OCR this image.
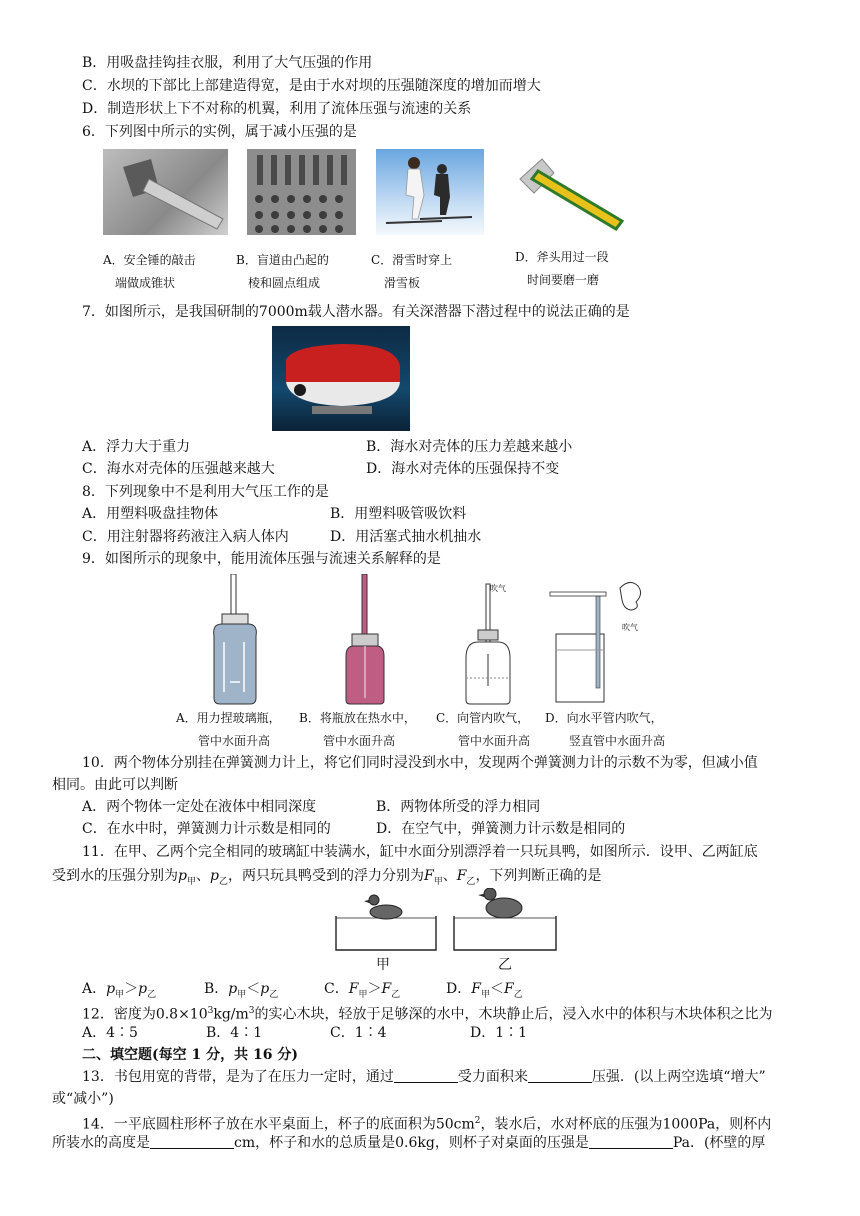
B．用吸盘挂钩挂衣服，利用了大气压强的作用
C．水坝的下部比上部建造得宽，是由于水对坝的压强随深度的增加而增大
D．制造形状上下不对称的机翼，利用了流体压强与流速的关系
6．下列图中所示的实例，属于减小压强的是
A．安全锤的敲击
端做成锥状
B．盲道由凸起的
棱和圆点组成
C．滑雪时穿上
滑雪板
D．斧头用过一段
时间要磨一磨
7．如图所示，是我国研制的7000m载人潜水器。有关深潜器下潜过程中的说法正确的是
A．浮力大于重力	B．海水对壳体的压力差越来越小
C．海水对壳体的压强越来越大	D．海水对壳体的压强保持不变
8．下列现象中不是利用大气压工作的是
A．用塑料吸盘挂物体	B．用塑料吸管吸饮料
C．用注射器将药液注入病人体内	D．用活塞式抽水机抽水
9．如图所示的现象中，能用流体压强与流速关系解释的是
吹气
吹气
A．用力捏玻璃瓶，
管中水面升高
B．将瓶放在热水中，
管中水面升高
C．向管内吹气，
管中水面升高
D．向水平管内吹气，
竖直管中水面升高
10．两个物体分别挂在弹簧测力计上，将它们同时浸没到水中，发现两个弹簧测力计的示数不为零，但减小值
相同。由此可以判断
A．两个物体一定处在液体中相同深度	B．两物体所受的浮力相同
C．在水中时，弹簧测力计示数是相同的	D．在空气中，弹簧测力计示数是相同的
11．在甲、乙两个完全相同的玻璃缸中装满水，缸中水面分别漂浮着一只玩具鸭，如图所示．设甲、乙两缸底
受到水的压强分别为$p_甲$、$p_乙$，两只玩具鸭受到的浮力分别为$F_甲$、$F_乙$，下列判断正确的是
甲	乙
A．$p_甲>p_乙$	B．$p_甲<p_乙$	C．$F_甲>F_乙$	D．$F_甲<F_乙$
12．密度为$0.8\times 10^3kg/m^3$的实心木块，轻放于足够深的水中，木块静止后，浸入水中的体积与木块体积之比为
A．4∶5	B．4∶1	C．1∶4	D．1∶1
二、填空题(每空 1 分，共 16 分)
13．书包用宽的背带，是为了在压力一定时，通过	受力面积来	压强．(以上两空选填“增大”
或“减小”)
14．一平底圆柱形杯子放在水平桌面上，杯子的底面积为$50cm^2$，装水后，水对杯底的压强为1000Pa，则杯内
所装水的高度是	cm，杯子和水的总质量是0.6kg，则杯子对桌面的压强是	Pa．(杯壁的厚
